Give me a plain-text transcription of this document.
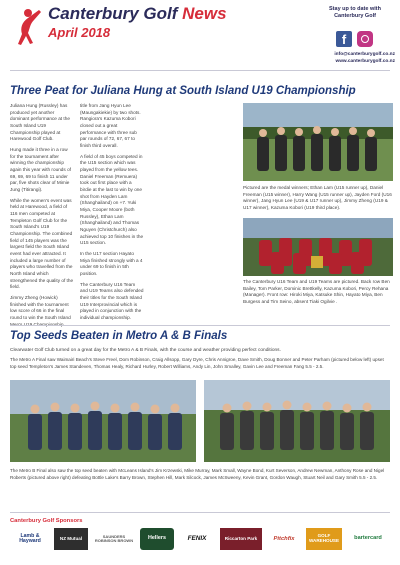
Canterbury Golf News
April 2018
Stay up to date with Canterbury Golf
f
info@canterburygolf.co.nz
www.canterburygolf.co.nz
Three Peat for Juliana Hung at South Island U19 Championship

Juliana Hung (Russley) has produced yet another dominant performance at the South Island U19 Championship played at Harewood Golf Club.

Hung made it three in a row for the tournament after winning the championship again this year with rounds of 69, 69, 69 to finish 11 under par, five shots clear of Mimie Jung (Titirangi).

While the women's event was held at Harewood, a field of 116 men competed at Templeton Golf Club for the South Island's U19 Championship. The combined field of 145 players was the largest field the South Island event had ever attracted. It included a large number of players who travelled from the North Island which strengthened the quality of the field.

Jimmy Zheng (Howick) finished with the tournament low score of 66 in the final round to win the South Island

title from Jang Hyun Lee (Maungakiekie) by two shots. Rangiora's Kazuma Kobori closed out a great performance with three sub par rounds of 72, 67, 67 to finish third overall.

A field of 45 boys competed in the U15 section which was played from the yellow tees. Daniel Freeman (Remuera) took out first place with a birdie at the last to win by one shot from Hayden Lam (Shanghailand) on +7. Yuki Miya, Cooper Moore (both Russley), Ethan Lam (Shanghailand) and Thomas Nguyen (Christchurch) also achieved top 10 finishes in the U15 section.

In the U17 section Hayato Miya finished strongly with a 4 under 69 to finish in 5th position.

The Canterbury U16 Team and U19 Teams also defended their titles for the South Island U19 Interprovincial which is played in conjunction with the individual championship.

Pictured are the medal winners; Ethan Lam (U15 runner up), Daniel Freeman (U15 winner), Harry Wang (U15 runner up), Jayden Ford (U16 winner), Jang Hyun Lee (U19 & U17 runner up), Jimmy Zheng (U19 & U17 winner), Kazuma Kobori (U19 third place).
The Canterbury U16 Team and U19 Teams are pictured. Back row Ben Bailey, Tom Parker, Dominic Brettkelly, Kazuma Kobori, Percy Rehana (Manager). Front row: Hiroki Miya, Katsuke Shin, Hayato Miya, Ben Burgess and Tim Seino, absent Tiaki Ogilvie .
Top Seeds Beaten in Metro A & B Finals
Clearwater Golf Club turned on a great day for the Metro A & B Finals, with the course and weather providing perfect conditions.
The Metro A Final saw Waimairi Beach's Steve Freel, Dom Robinson, Craig Allsopp, Gary Dyre, Chris Annigroe, Dave Smith, Doug Bonner and Peter Parham (pictured below left) upset top seed Templeton's James Standeven, Thomas Healy, Richard Hurley, Robert Williams, Andy Lin, John Smalley, Gavin Lee and Freeman Fang 5.5 - 2.5.
The Metro B Final also saw the top seed beaten with McLeans Island's Jim Krzewski, Mike Murray, Mark Small, Wayne Bond, Kurt Severson, Andrew Newman, Anthony Rose and Nigel Roberts (pictured above right) defeating Bottle Lake's Barry Brown, Stephen Hill, Mark Silcock, James McSweeny, Kevin Grant, Gordon Waugh, Stuart Neil and Gary Smith 5.5 - 2.5.
Canterbury Golf Sponsors
Lamb & Hayward	NZ Mutual	SAUNDERS ROBINSON BROWN	Hellers	FENIX	Riccarton Park	Pitchfix
GOLF WAREHOUSE	bartercard
